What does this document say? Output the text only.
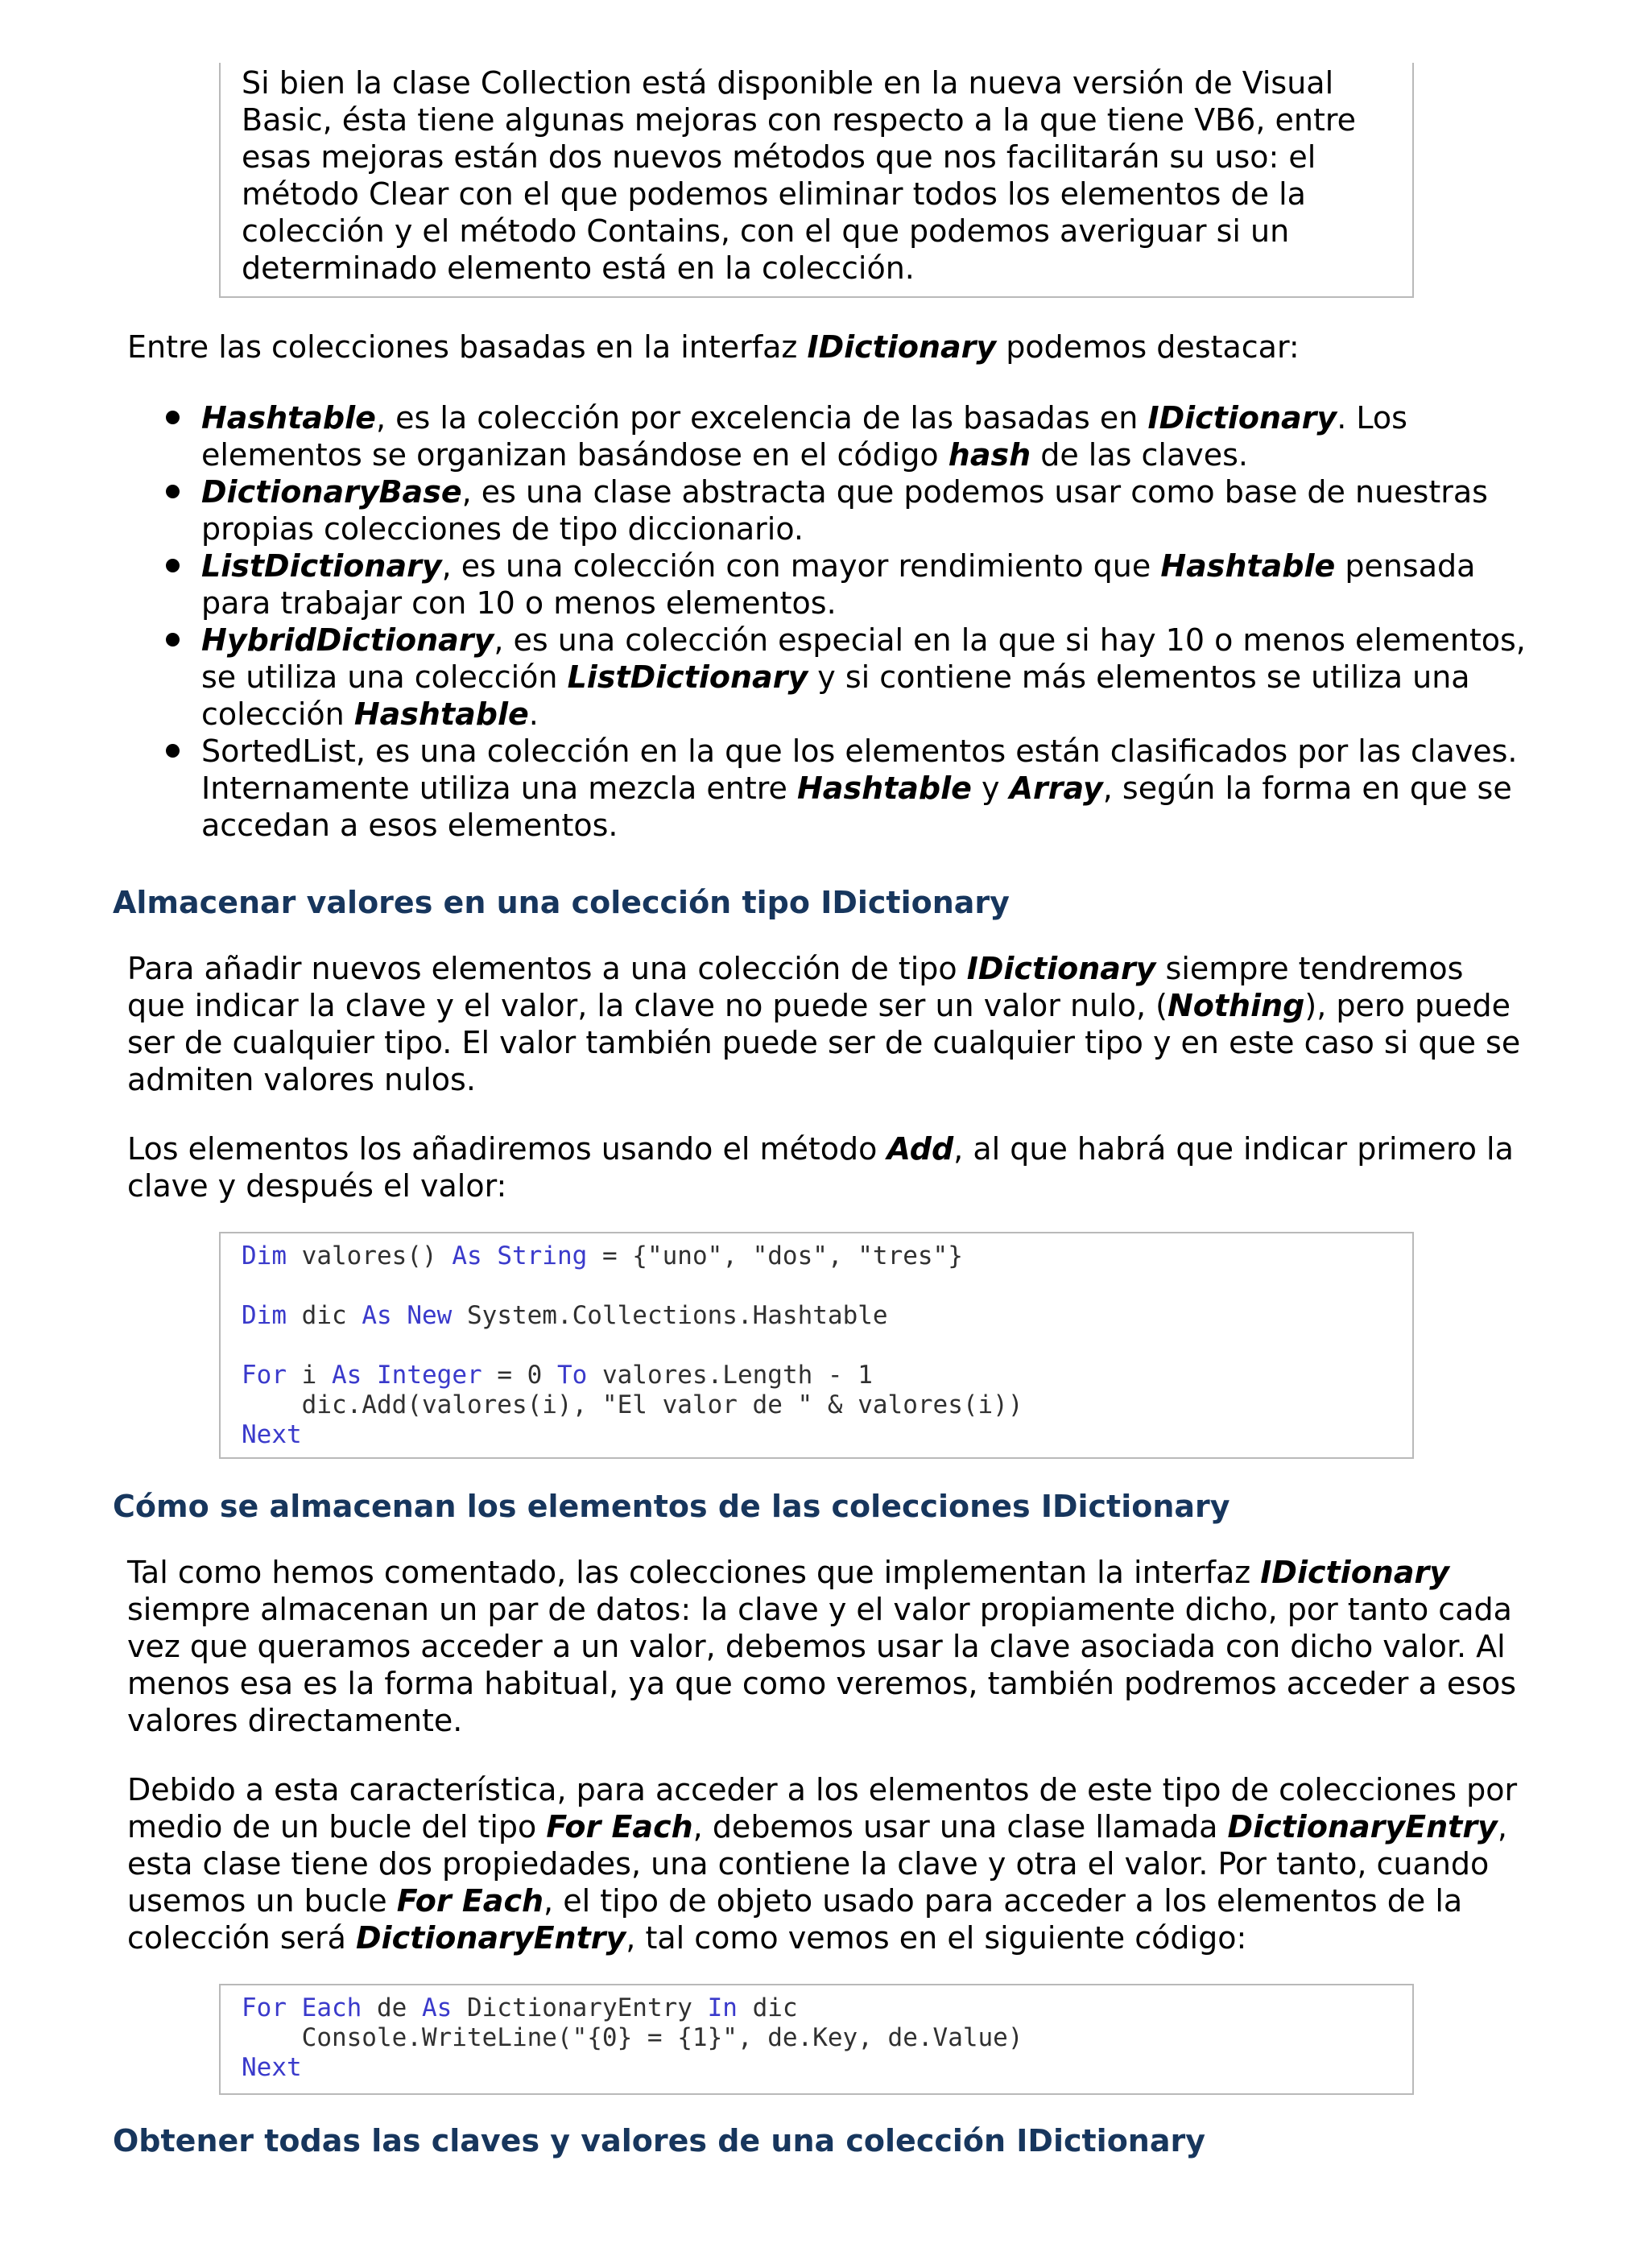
Si bien la clase Collection está disponible en la nueva versión de Visual Basic, ésta tiene algunas mejoras con respecto a la que tiene VB6, entre esas mejoras están dos nuevos métodos que nos facilitarán su uso: el método Clear con el que podemos eliminar todos los elementos de la colección y el método Contains, con el que podemos averiguar si un determinado elemento está en la colección.

Entre las colecciones basadas en la interfaz IDictionary podemos destacar:

Hashtable, es la colección por excelencia de las basadas en IDictionary. Los elementos se organizan basándose en el código hash de las claves.
DictionaryBase, es una clase abstracta que podemos usar como base de nuestras propias colecciones de tipo diccionario.
ListDictionary, es una colección con mayor rendimiento que Hashtable pensada para trabajar con 10 o menos elementos.
HybridDictionary, es una colección especial en la que si hay 10 o menos elementos, se utiliza una colección ListDictionary y si contiene más elementos se utiliza una colección Hashtable.
SortedList, es una colección en la que los elementos están clasificados por las claves. Internamente utiliza una mezcla entre Hashtable y Array, según la forma en que se accedan a esos elementos.
Almacenar valores en una colección tipo IDictionary

Para añadir nuevos elementos a una colección de tipo IDictionary siempre tendremos que indicar la clave y el valor, la clave no puede ser un valor nulo, (Nothing), pero puede ser de cualquier tipo. El valor también puede ser de cualquier tipo y en este caso si que se admiten valores nulos.

Los elementos los añadiremos usando el método Add, al que habrá que indicar primero la clave y después el valor:

Dim valores() As String = {"uno", "dos", "tres"}
Dim dic As New System.Collections.Hashtable
For i As Integer = 0 To valores.Length - 1
dic.Add(valores(i), "El valor de " & valores(i))
Next
Cómo se almacenan los elementos de las colecciones IDictionary

Tal como hemos comentado, las colecciones que implementan la interfaz IDictionary siempre almacenan un par de datos: la clave y el valor propiamente dicho, por tanto cada vez que queramos acceder a un valor, debemos usar la clave asociada con dicho valor. Al menos esa es la forma habitual, ya que como veremos, también podremos acceder a esos valores directamente.

Debido a esta característica, para acceder a los elementos de este tipo de colecciones por medio de un bucle del tipo For Each, debemos usar una clase llamada DictionaryEntry, esta clase tiene dos propiedades, una contiene la clave y otra el valor. Por tanto, cuando usemos un bucle For Each, el tipo de objeto usado para acceder a los elementos de la colección será DictionaryEntry, tal como vemos en el siguiente código:

For Each de As DictionaryEntry In dic
Console.WriteLine("{0} = {1}", de.Key, de.Value)
Next
Obtener todas las claves y valores de una colección IDictionary
